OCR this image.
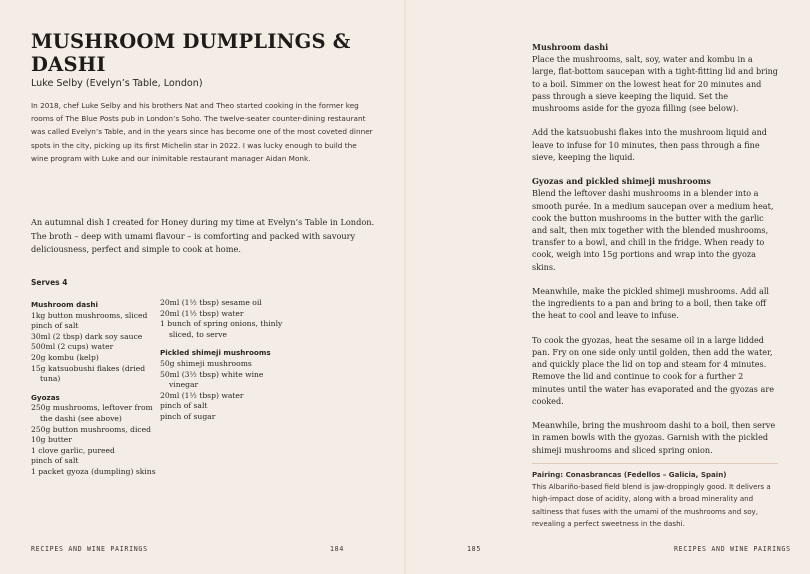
MUSHROOM DUMPLINGS & DASHI
Luke Selby (Evelyn’s Table, London)

In 2018, chef Luke Selby and his brothers Nat and Theo started cooking in the former keg rooms of The Blue Posts pub in London’s Soho. The twelve-seater counter-dining restaurant was called Evelyn’s Table, and in the years since has become one of the most coveted dinner spots in the city, picking up its first Michelin star in 2022. I was lucky enough to build the wine program with Luke and our inimitable restaurant manager Aidan Monk.

An autumnal dish I created for Honey during my time at Evelyn’s Table in London. The broth – deep with umami flavour – is comforting and packed with savoury deliciousness, perfect and simple to cook at home.

Serves 4
Mushroom dashi
1kg button mushrooms, sliced
pinch of salt
30ml (2 tbsp) dark soy sauce
500ml (2 cups) water
20g kombu (kelp)
15g katsuobushi flakes (dried tuna)
Gyozas
250g mushrooms, leftover from the dashi (see above)
250g button mushrooms, diced
10g butter
1 clove garlic, pureed
pinch of salt
1 packet gyoza (dumpling) skins
20ml (1½ tbsp) sesame oil
20ml (1½ tbsp) water
1 bunch of spring onions, thinly sliced, to serve
Pickled shimeji mushrooms
50g shimeji mushrooms
50ml (3½ tbsp) white wine vinegar
20ml (1½ tbsp) water
pinch of salt
pinch of sugar
RECIPES AND WINE PAIRINGS	184
Mushroom dashi

Place the mushrooms, salt, soy, water and kombu in a large, flat-bottom saucepan with a tight-fitting lid and bring to a boil. Simmer on the lowest heat for 20 minutes and pass through a sieve keeping the liquid. Set the mushrooms aside for the gyoza filling (see below).

Add the katsuobushi flakes into the mushroom liquid and leave to infuse for 10 minutes, then pass through a fine sieve, keeping the liquid.

Gyozas and pickled shimeji mushrooms

Blend the leftover dashi mushrooms in a blender into a smooth purée. In a medium saucepan over a medium heat, cook the button mushrooms in the butter with the garlic and salt, then mix together with the blended mushrooms, transfer to a bowl, and chill in the fridge. When ready to cook, weigh into 15g portions and wrap into the gyoza skins.

Meanwhile, make the pickled shimeji mushrooms. Add all the ingredients to a pan and bring to a boil, then take off the heat to cool and leave to infuse.

To cook the gyozas, heat the sesame oil in a large lidded pan. Fry on one side only until golden, then add the water, and quickly place the lid on top and steam for 4 minutes. Remove the lid and continue to cook for a further 2 minutes until the water has evaporated and the gyozas are cooked.

Meanwhile, bring the mushroom dashi to a boil, then serve in ramen bowls with the gyozas. Garnish with the pickled shimeji mushrooms and sliced spring onion.

Pairing: Conasbrancas (Fedellos – Galicia, Spain)

This Albariño-based field blend is jaw-droppingly good. It delivers a high-impact dose of acidity, along with a broad minerality and saltiness that fuses with the umami of the mushrooms and soy, revealing a perfect sweetness in the dashi.

185	RECIPES AND WINE PAIRINGS
